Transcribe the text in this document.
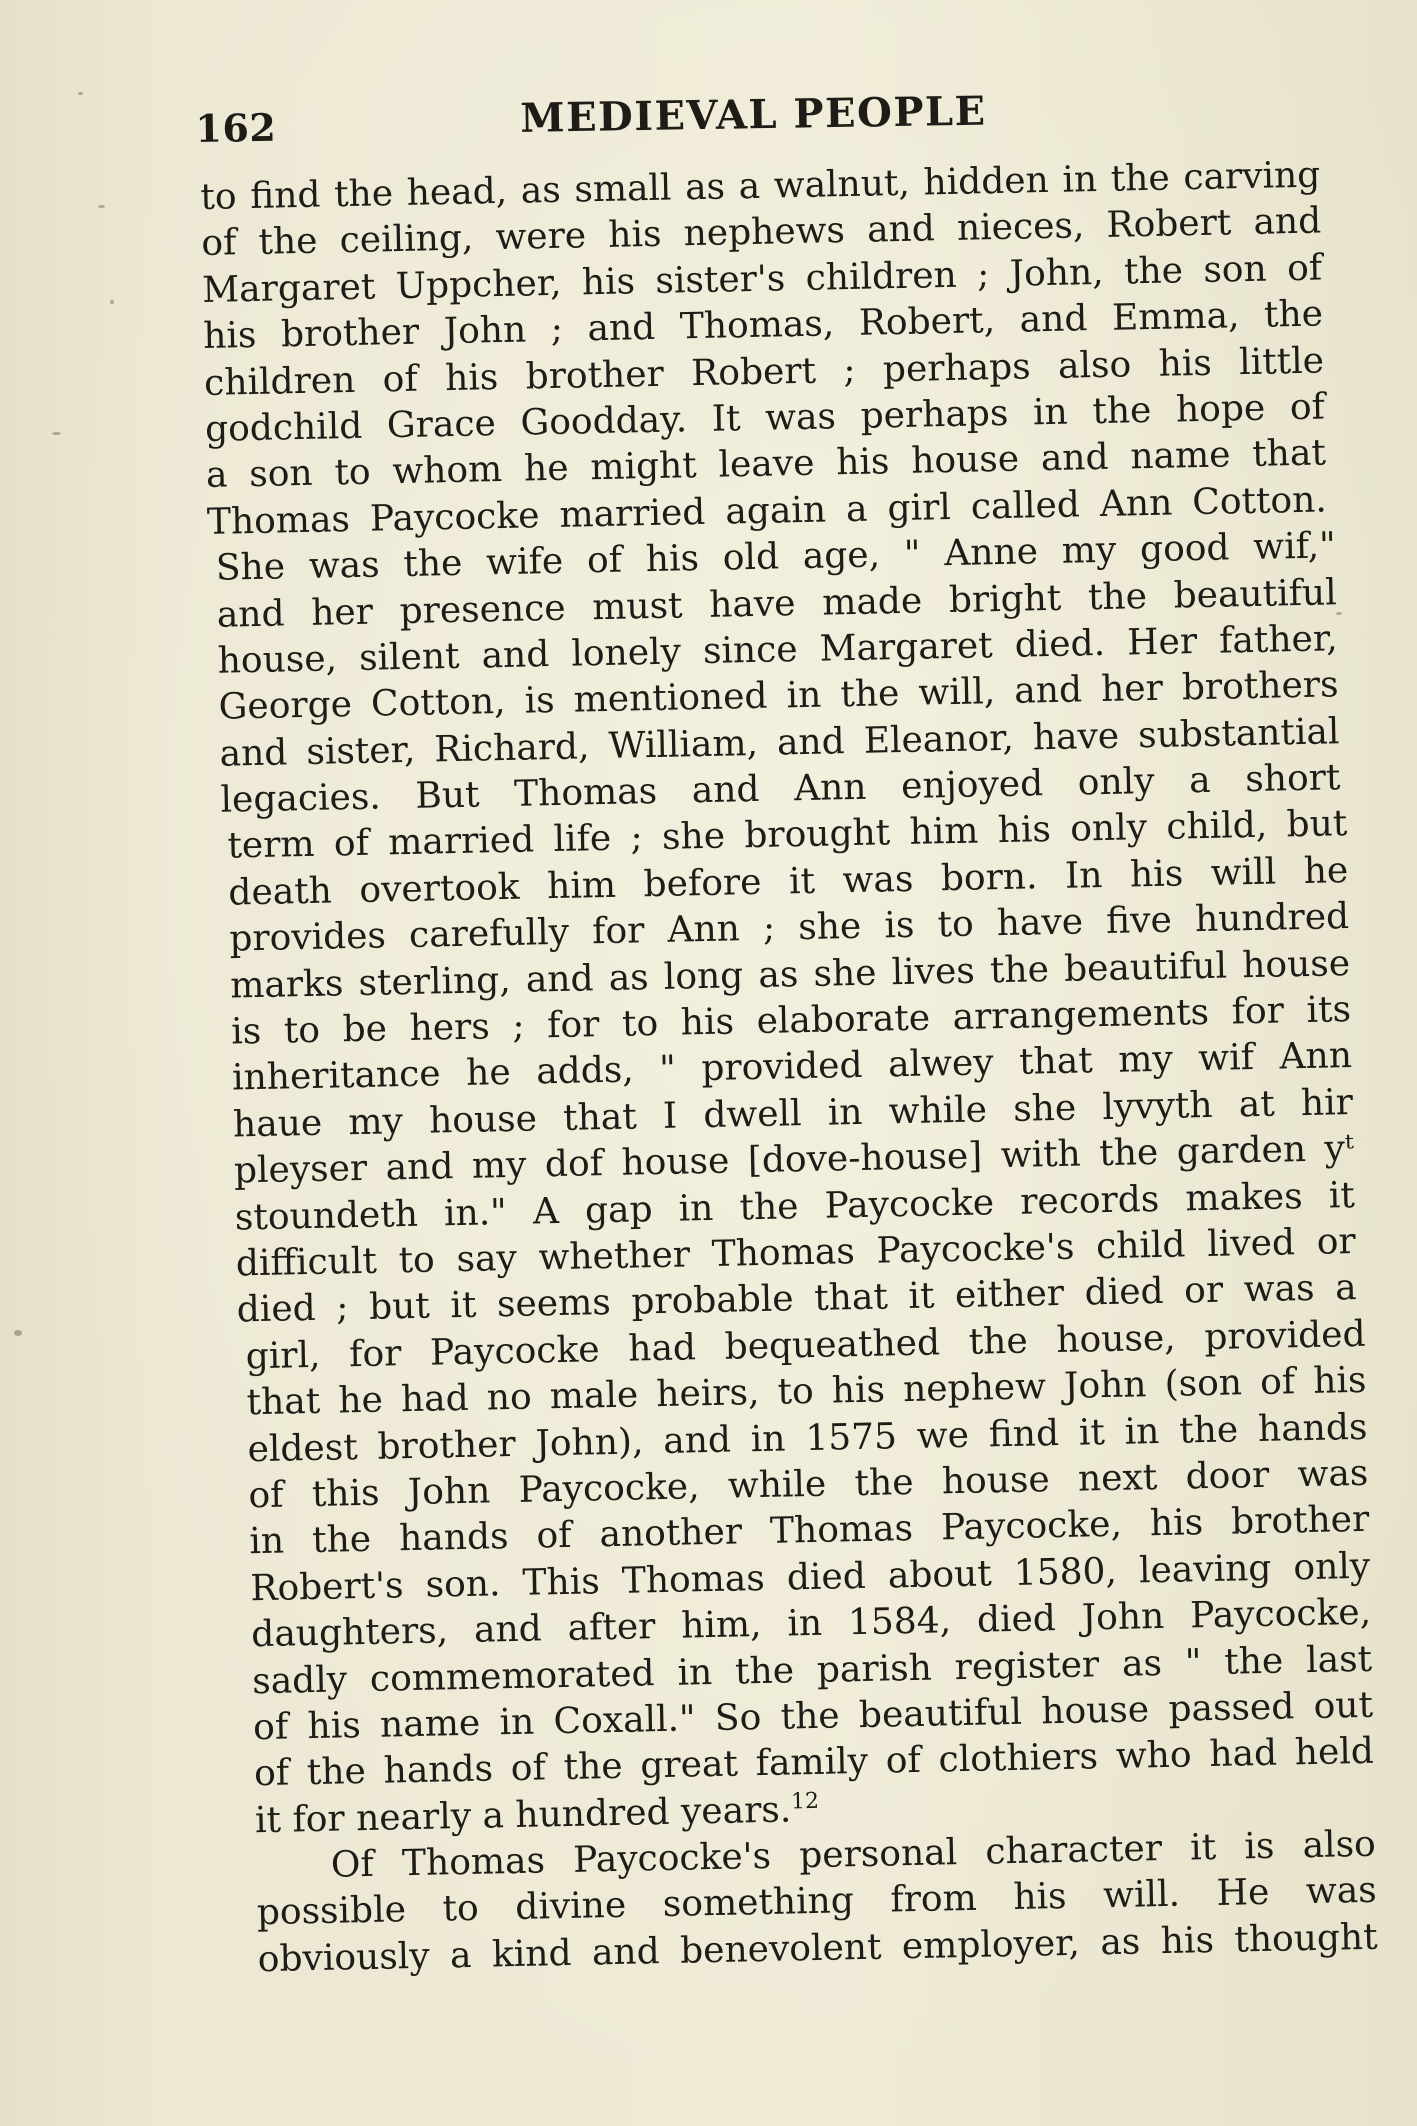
162	MEDIEVAL PEOPLE
to find the head, as small as a walnut, hidden in the carving
of the ceiling, were his nephews and nieces, Robert and
Margaret Uppcher, his sister's children ; John, the son of
his brother John ; and Thomas, Robert, and Emma, the
children of his brother Robert ; perhaps also his little
godchild Grace Goodday. It was perhaps in the hope of
a son to whom he might leave his house and name that
Thomas Paycocke married again a girl called Ann Cotton.
She was the wife of his old age, " Anne my good wif,"
and her presence must have made bright the beautiful
house, silent and lonely since Margaret died. Her father,
George Cotton, is mentioned in the will, and her brothers
and sister, Richard, William, and Eleanor, have substantial
legacies. But Thomas and Ann enjoyed only a short
term of married life ; she brought him his only child, but
death overtook him before it was born. In his will he
provides carefully for Ann ; she is to have five hundred
marks sterling, and as long as she lives the beautiful house
is to be hers ; for to his elaborate arrangements for its
inheritance he adds, " provided alwey that my wif Ann
haue my house that I dwell in while she lyvyth at hir
pleyser and my dof house [dove-house] with the garden yᵗ
stoundeth in." A gap in the Paycocke records makes it
difficult to say whether Thomas Paycocke's child lived or
died ; but it seems probable that it either died or was a
girl, for Paycocke had bequeathed the house, provided
that he had no male heirs, to his nephew John (son of his
eldest brother John), and in 1575 we find it in the hands
of this John Paycocke, while the house next door was
in the hands of another Thomas Paycocke, his brother
Robert's son. This Thomas died about 1580, leaving only
daughters, and after him, in 1584, died John Paycocke,
sadly commemorated in the parish register as " the last
of his name in Coxall." So the beautiful house passed out
of the hands of the great family of clothiers who had held
it for nearly a hundred years.$^{12}$
Of Thomas Paycocke's personal character it is also
possible to divine something from his will. He was
obviously a kind and benevolent employer, as his thought
